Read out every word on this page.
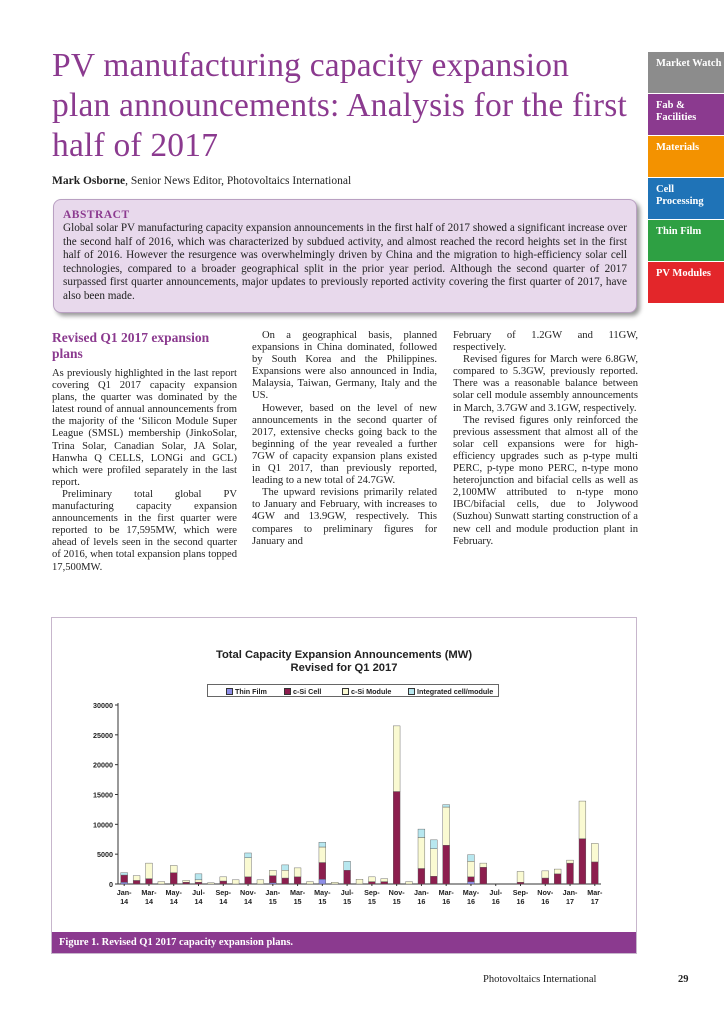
PV manufacturing capacity expansion plan announcements: Analysis for the first half of 2017
Mark Osborne, Senior News Editor, Photovoltaics International
ABSTRACT

Global solar PV manufacturing capacity expansion announcements in the first half of 2017 showed a significant increase over the second half of 2016, which was characterized by subdued activity, and almost reached the record heights set in the first half of 2016. However the resurgence was overwhelmingly driven by China and the migration to high-efficiency solar cell technologies, compared to a broader geographical split in the prior year period. Although the second quarter of 2017 surpassed first quarter announcements, major updates to previously reported activity covering the first quarter of 2017, have also been made.

Market Watch
Fab & Facilities
Materials
Cell Processing
Thin Film
PV Modules
Revised Q1 2017 expansion plans

As previously highlighted in the last report covering Q1 2017 capacity expansion plans, the quarter was dominated by the latest round of annual announcements from the majority of the ‘Silicon Module Super League (SMSL) membership (JinkoSolar, Trina Solar, Canadian Solar, JA Solar, Hanwha Q CELLS, LONGi and GCL) which were profiled separately in the last report.

Preliminary total global PV manufacturing capacity expansion announcements in the first quarter were reported to be 17,595MW, which were ahead of levels seen in the second quarter of 2016, when total expansion plans topped 17,500MW.

On a geographical basis, planned expansions in China dominated, followed by South Korea and the Philippines. Expansions were also announced in India, Malaysia, Taiwan, Germany, Italy and the US.

However, based on the level of new announcements in the second quarter of 2017, extensive checks going back to the beginning of the year revealed a further 7GW of capacity expansion plans existed in Q1 2017, than previously reported, leading to a new total of 24.7GW.

The upward revisions primarily related to January and February, with increases to 4GW and 13.9GW, respectively. This compares to preliminary figures for January and

February of 1.2GW and 11GW, respectively.

Revised figures for March were 6.8GW, compared to 5.3GW, previously reported. There was a reasonable balance between solar cell module assembly announcements in March, 3.7GW and 3.1GW, respectively.

The revised figures only reinforced the previous assessment that almost all of the solar cell expansions were for high-efficiency upgrades such as p-type multi PERC, p-type mono PERC, n-type mono heterojunction and bifacial cells as well as 2,100MW attributed to n-type mono IBC/bifacial cells, due to Jolywood (Suzhou) Sunwatt starting construction of a new cell and module production plant in February.

Total Capacity Expansion Announcements (MW)
Revised for Q1 2017
Thin Film	c-Si Cell	c-Si Module	Integrated cell/module
0
5000
10000
15000
20000
25000
30000
Jan-14
Mar-14
May-14
Jul-14
Sep-14
Nov-14
Jan-15
Mar-15
May-15
Jul-15
Sep-15
Nov-15
Jan-16
Mar-16
May-16
Jul-16
Sep-16
Nov-16
Jan-17
Mar-17
Figure 1. Revised Q1 2017 capacity expansion plans.
Photovoltaics International	29
